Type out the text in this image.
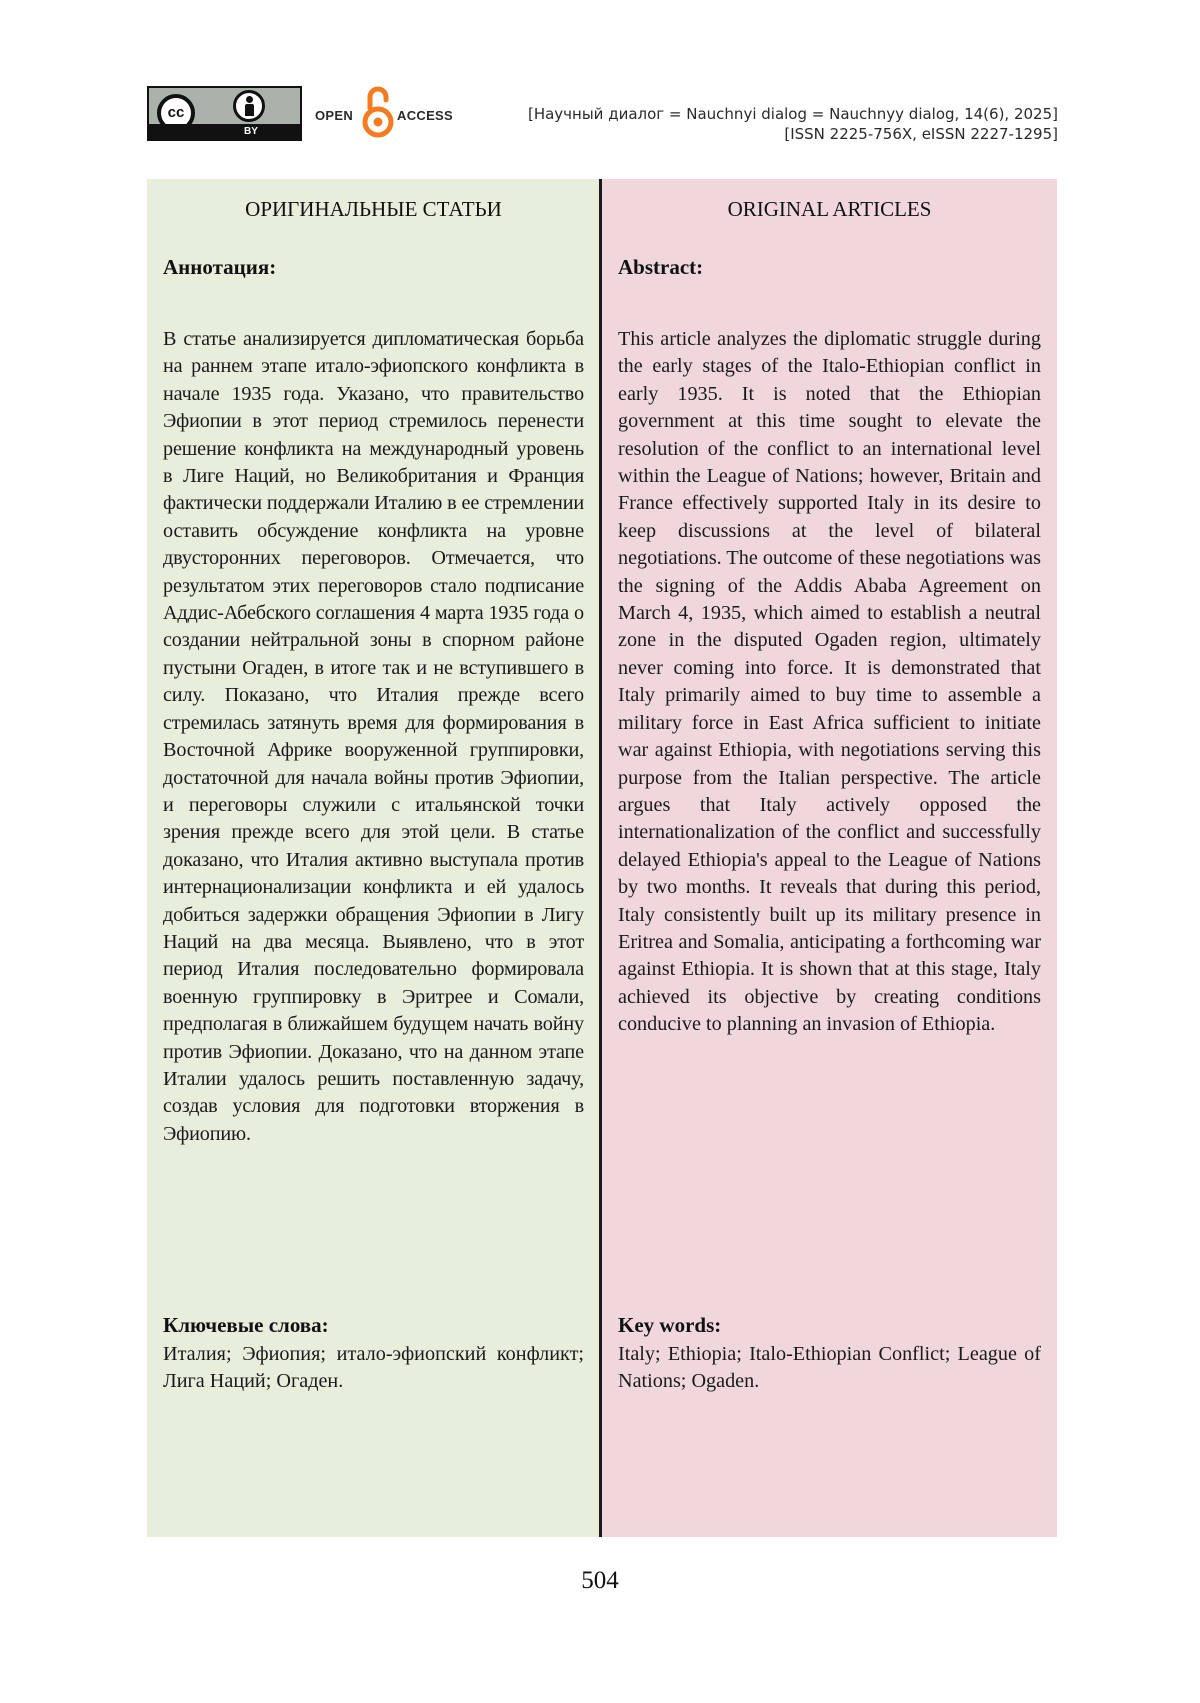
cc
BY
OPEN	ACCESS	[Научный диалог = Nauchnyi dialog = Nauchnyy dialog, 14(6), 2025]
[ISSN 2225-756X, eISSN 2227-1295]
ОРИГИНАЛЬНЫЕ СТАТЬИ
Аннотация:

В статье анализируется дипломатическая борьба на раннем этапе итало-эфиопского конфликта в начале 1935 года. Указано, что правительство Эфиопии в этот период стремилось перенести решение конфликта на международный уровень в Лиге Наций, но Великобритания и Франция фактически поддержали Италию в ее стремлении оставить обсуждение конфликта на уровне двусторонних переговоров. Отмечается, что результатом этих переговоров стало подписание Аддис-Абебского соглашения 4 марта 1935 года о создании нейтральной зоны в спорном районе пустыни Огаден, в итоге так и не вступившего в силу. Показано, что Италия прежде всего стремилась затянуть время для формирования в Восточной Африке вооруженной группировки, достаточной для начала войны против Эфиопии, и переговоры служили с итальянской точки зрения прежде всего для этой цели. В статье доказано, что Италия активно выступала против интернационализации конфликта и ей удалось добиться задержки обращения Эфиопии в Лигу Наций на два месяца. Выявлено, что в этот период Италия последовательно формировала военную группировку в Эритрее и Сомали, предполагая в ближайшем будущем начать войну против Эфиопии. Доказано, что на данном этапе Италии удалось решить поставленную задачу, создав условия для подготовки вторжения в Эфиопию.

Ключевые слова:

Италия; Эфиопия; итало-эфиопский конфликт; Лига Наций; Огаден.

ORIGINAL ARTICLES
Abstract:

This article analyzes the diplomatic struggle during the early stages of the Italo-Ethiopian conflict in early 1935. It is noted that the Ethiopian government at this time sought to elevate the resolution of the conflict to an international level within the League of Nations; however, Britain and France effectively supported Italy in its desire to keep discussions at the level of bilateral negotiations. The outcome of these negotiations was the signing of the Addis Ababa Agreement on March 4, 1935, which aimed to establish a neutral zone in the disputed Ogaden region, ultimately never coming into force. It is demonstrated that Italy primarily aimed to buy time to assemble a military force in East Africa sufficient to initiate war against Ethiopia, with negotiations serving this purpose from the Italian perspective. The article argues that Italy actively opposed the internationalization of the conflict and successfully delayed Ethiopia's appeal to the League of Nations by two months. It reveals that during this period, Italy consistently built up its military presence in Eritrea and Somalia, anticipating a forthcoming war against Ethiopia. It is shown that at this stage, Italy achieved its objective by creating conditions conducive to planning an invasion of Ethiopia.

Key words:

Italy; Ethiopia; Italo-Ethiopian Conflict; League of Nations; Ogaden.

504
